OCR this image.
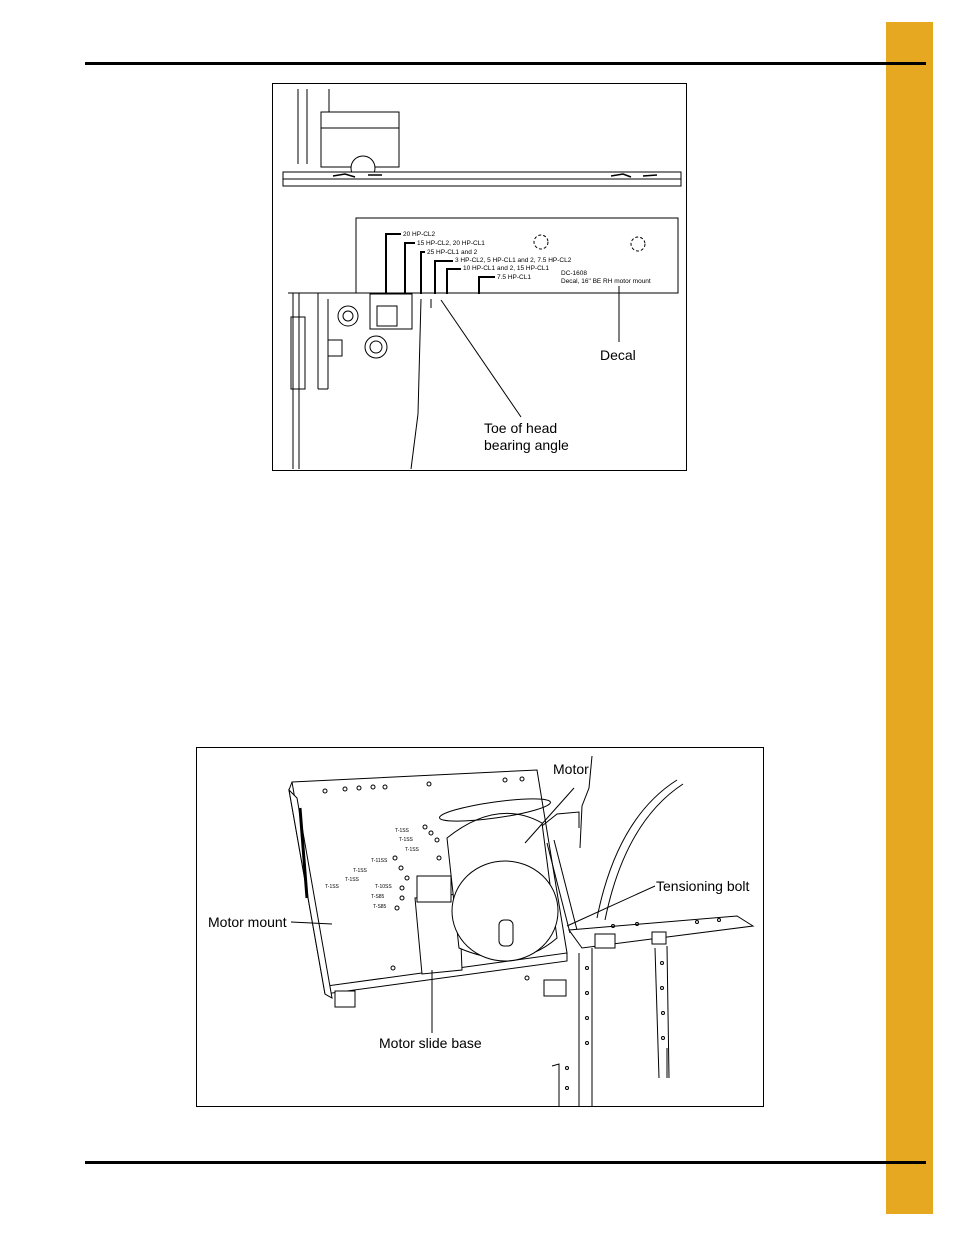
20 HP-CL2
15 HP-CL2, 20 HP-CL1
25 HP-CL1 and 2
3 HP-CL2, 5 HP-CL1 and 2, 7.5 HP-CL2
10 HP-CL1 and 2, 15 HP-CL1
7.5 HP-CL1
DC-1608
Decal, 16" BE RH motor mount
Decal
Toe of head
bearing angle
T-1SS
T-1SS
T-1SS
T-11SS
T-1SS
T-1SS
T-1SS	T-10SS
T-S85
T-S85
Motor
Tensioning bolt
Motor mount
Motor slide base
